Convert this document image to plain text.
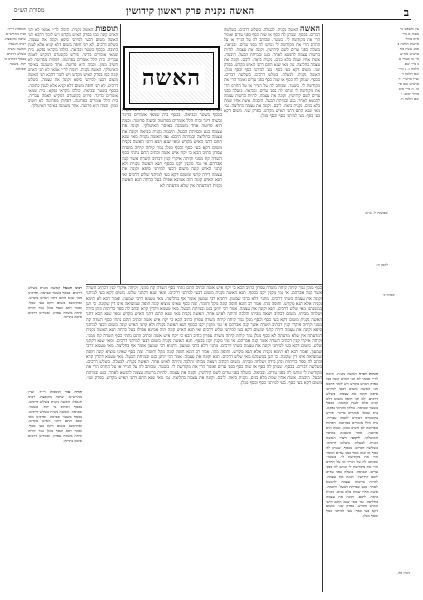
האשה נקנית פרק ראשון קידושין	ב
מסורת הש״ס
עין משפט נר מצוה א מיי׳ פ״א מהל׳ אישות הלכה ב סמג עשין מח טוש״ע אה״ע סי׳ כו סעיף א. ב מיי׳ שם הלכה ג. ג מיי׳ שם הלכה ד ועיין ברש״י. ד טוש״ע שם סי׳ כז. ה מיי׳ פ״ב מהל׳ יבום. ו שם הלכה ח.
תוספות רי״ד. ועיין מהרש״א. שיטה מקובצת. רבינו חננאל: האשה נקנית בשלש דרכים. בכסף דכתיב כי יקח. בשטר. ובביאה.
שבועות ל. ע״ש
לקמן ח:
יבמות כ׳
גיטין פה.

האשה האשה נקנית. לבעלה. בשלש דרכים. בשלשה דברים. בכסף. שנותן לה כסף או שוה כסף בפני עדים ואומר הרי את מקודשת לי. בשטר. שכותב לה על הנייר או על החרס הרי את מקודשת לי ונותנו לה בפני עדים. ובביאה. בועלה בפני עדים לשם קידושין. וקונה את עצמה. להיות ברשות עצמה להנשא לאחר. בגט ובמיתת הבעל. היבמה. אשת אחיו שמת בלא בנים. נקנית ביאה. ליבם. וקונה את עצמה בחליצה. גמ׳ מאי שנא התם דתני האיש מקדש. בפרק שני. משום דקא בעי כסף. בעי למיתני כסף וכסף מנלן. האשה נקנית. לבעלה. בשלש דרכים. בשלשה דברים. בכסף. שנותן לה כסף או שוה כסף בפני עדים ואומר הרי את מקודשת לי. בשטר. שכותב לה על הנייר או על החרס הרי את מקודשת לי ונותנו לה בפני עדים. ובביאה. בועלה בפני עדים לשם קידושין. וקונה את עצמה. להיות ברשות עצמה להנשא לאחר. בגט ובמיתת הבעל. היבמה. אשת אחיו שמת בלא בנים. נקנית ביאה. ליבם. וקונה את עצמה בחליצה. גמ׳ מאי שנא התם דתני האיש מקדש. בפרק שני. משום דקא בעי כסף. בעי למיתני כסף וכסף מנלן.

תוספות האשה נקנית. תימה לר״י אמאי לא תני האיש קונה כמו בפרק האיש מקדש ויש לומר דהכא תני האשה משום דבעי למיתני סיפא וקונה את עצמה. בשלש דרכים. לא תני חופה משום דלא קניא אלא לענין כתובה. בכסף בשטר ובביאה. כולהו מקראי נפקא. בית שמאי אומרים בדינר. פירש בקונטרס דמקיש לאמה עבריה. בית הלל אומרים בפרוטה. דפחות מפרוטה לא חשיב ממון. וכמה היא פרוטה. אחד משמנה באיסר האיטלקי. האשה נקנית. תימה לר״י אמאי לא תני האיש קונה כמו בפרק האיש מקדש ויש לומר דהכא תני האשה משום דבעי למיתני סיפא וקונה את עצמה. בשלש דרכים. לא תני חופה משום דלא קניא אלא לענין כתובה. בכסף בשטר ובביאה. כולהו מקראי נפקא. בית שמאי אומרים בדינר. פירש בקונטרס דמקיש לאמה עבריה. בית הלל אומרים בפרוטה. דפחות מפרוטה לא חשיב ממון. וכמה היא פרוטה. אחד משמנה באיסר האיטלקי.

רבינו חננאל האשה נקנית בשלש דרכים. בכסף בשטר ובביאה. ופרכינן מאי שנא התם דתני האיש מקדש. ואוקימנא משום דקא בעי כסף. ואמר רבא וכסף מנלן גמר קיחה קיחה משדה עפרון. ואמרינן דרכים איכא בינייהו.

האשה

נקנית בשלש דרכים. וקונה את עצמה בשתי דרכים. נקנית בכסף בשטר ובביאה. בכסף בית שמאי אומרים בדינר ובשוה דינר ובית הלל אומרים בפרוטה ובשוה פרוטה. וכמה היא פרוטה אחד משמנה באיסר האיטלקי. וקונה את עצמה בגט ובמיתת הבעל. היבמה נקנית בביאה וקונה את עצמה בחליצה ובמיתת היבם: גמ׳ האשה נקנית מאי שנא התם דתני האיש מקדש ומאי שנא הכא דתני האשה נקנית משום דקא בעי כסף וכסף מנלן גמר קיחה קיחה משדה עפרון כתיב הכא כי יקח איש אשה וכתיב התם נתתי כסף השדה קח ממני וקיחה איקרי קנין דכתיב השדה אשר קנה אברהם אי נמי מקנין יקנו בכסף תנא האשה נקנית ולא קתני האיש קונה משום דבעי למיתני סיפא וקונה את עצמה דידה קתני ומשום דקא בעי למיתני שלש דרכים ואי תנא האיש קונה הוה אמינא אפילו בעל כרחה תנא האשה נקנית דמדעתה אין שלא מדעתה לא

כסף מנלן גמר קיחה קיחה משדה עפרון כתיב הכא כי יקח איש אשה וכתיב התם נתתי כסף השדה קח ממני. וקיחה איקרי קנין דכתיב השדה אשר קנה אברהם. אי נמי מקנין יקנו בכסף. תנא האשה נקנית משום דבעי למיתני דרכים. ומאי שנא דקתני שלש. משום דקא בעי למיתני וקונה את עצמה בשתי דרכים. מתני׳ דלא כרבי שמעון. דתניא רבי שמעון אומר אף בחליצה. מאי טעמא דרבי שמעון. ואמר רבא לא תימא נקנית אלא תנא מקדש. וחופה מהו. אמר רב הונא חופה קונה מקל וחומר. ומה כסף שאינו מוציא קונה חופה שמוציאה אינו דין שקונה. כי תנן במשנתנו מאי שלש דרכים. תנא וקונה את עצמה. אמר רבי יוחנן בגט ובמיתת הבעל. מאי טעמא דהדין קרא וכתב לה ספר כריתות ונתן בידה ושלחה מביתו. משום דכתיב ויצאה מביתו והלכה והיתה לאיש אחר. האשה נקנית מאי שנא התם דתני האיש מקדש ומאי שנא הכא דתני האשה נקנית משום דקא בעי כסף וכסף מנלן גמר קיחה קיחה משדה עפרון כתיב הכא כי יקח איש אשה וכתיב התם נתתי כסף השדה קח ממני וקיחה איקרי קנין דכתיב השדה אשר קנה אברהם אי נמי מקנין יקנו בכסף תנא האשה נקנית ולא קתני האיש קונה משום דבעי למיתני סיפא וקונה את עצמה דידה קתני ומשום דקא בעי למיתני שלש דרכים ואי תנא האיש קונה הוה אמינא אפילו בעל כרחה תנא האשה נקנית דמדעתה אין שלא מדעתה לא כסף מנלן גמר קיחה קיחה משדה עפרון כתיב הכא כי יקח איש אשה וכתיב התם נתתי כסף השדה קח ממני. וקיחה איקרי קנין דכתיב השדה אשר קנה אברהם. אי נמי מקנין יקנו בכסף. תנא האשה נקנית משום דבעי למיתני דרכים. ומאי שנא דקתני שלש. משום דקא בעי למיתני וקונה את עצמה בשתי דרכים. מתני׳ דלא כרבי שמעון. דתניא רבי שמעון אומר אף בחליצה. מאי טעמא דרבי שמעון. ואמר רבא לא תימא נקנית אלא תנא מקדש. וחופה מהו. אמר רב הונא חופה קונה מקל וחומר. ומה כסף שאינו מוציא קונה חופה שמוציאה אינו דין שקונה. כי תנן במשנתנו מאי שלש דרכים. תנא וקונה את עצמה. אמר רבי יוחנן בגט ובמיתת הבעל. מאי טעמא דהדין קרא וכתב לה ספר כריתות ונתן בידה ושלחה מביתו. משום דכתיב ויצאה מביתו והלכה והיתה לאיש אחר. האשה נקנית. לבעלה. בשלש דרכים. בשלשה דברים. בכסף. שנותן לה כסף או שוה כסף בפני עדים ואומר הרי את מקודשת לי. בשטר. שכותב לה על הנייר או על החרס הרי את מקודשת לי ונותנו לה בפני עדים. ובביאה. בועלה בפני עדים לשם קידושין. וקונה את עצמה. להיות ברשות עצמה להנשא לאחר. בגט ובמיתת הבעל. היבמה. אשת אחיו שמת בלא בנים. נקנית ביאה. ליבם. וקונה את עצמה בחליצה. גמ׳ מאי שנא התם דתני האיש מקדש. בפרק שני. משום דקא בעי כסף. בעי למיתני כסף וכסף מנלן.

הגהות הב״ח האשה נקנית. תימה לר״י אמאי לא תני האיש קונה כמו בפרק האיש מקדש ויש לומר דהכא תני האשה משום דבעי למיתני סיפא וקונה את עצמה. בשלש דרכים. לא תני חופה משום דלא קניא אלא לענין כתובה. בכסף בשטר ובביאה. כולהו מקראי נפקא. בית שמאי אומרים בדינר. פירש בקונטרס דמקיש לאמה עבריה. בית הלל אומרים בפרוטה. דפחות מפרוטה לא חשיב ממון. וכמה היא פרוטה. אחד משמנה באיסר האיטלקי. ליקוטי רש״י האשה נקנית. לבעלה. בשלש דרכים. בשלשה דברים. בכסף. שנותן לה כסף או שוה כסף בפני עדים ואומר הרי את מקודשת לי. בשטר. שכותב לה על הנייר או על החרס הרי את מקודשת לי ונותנו לה בפני עדים. ובביאה. בועלה בפני עדים לשם קידושין. וקונה את עצמה. להיות ברשות עצמה להנשא לאחר. בגט ובמיתת הבעל. היבמה. אשת אחיו שמת בלא בנים. נקנית ביאה. ליבם. וקונה את עצמה בחליצה. גמ׳ מאי שנא התם דתני האיש מקדש. בפרק שני. משום דקא בעי כסף. בעי למיתני כסף וכסף מנלן.

תורה אור תוספות רי״ד. ועיין מהרש״א. שיטה מקובצת. רבינו חננאל: האשה נקנית בשלש דרכים. בכסף דכתיב כי יקח. בשטר. ובביאה. האשה נקנית בשלש דרכים. בכסף בשטר ובביאה. ופרכינן מאי שנא התם דתני האיש מקדש. ואוקימנא משום דקא בעי כסף. ואמר רבא וכסף מנלן גמר קיחה קיחה משדה עפרון. ואמרינן דרכים איכא בינייהו.
